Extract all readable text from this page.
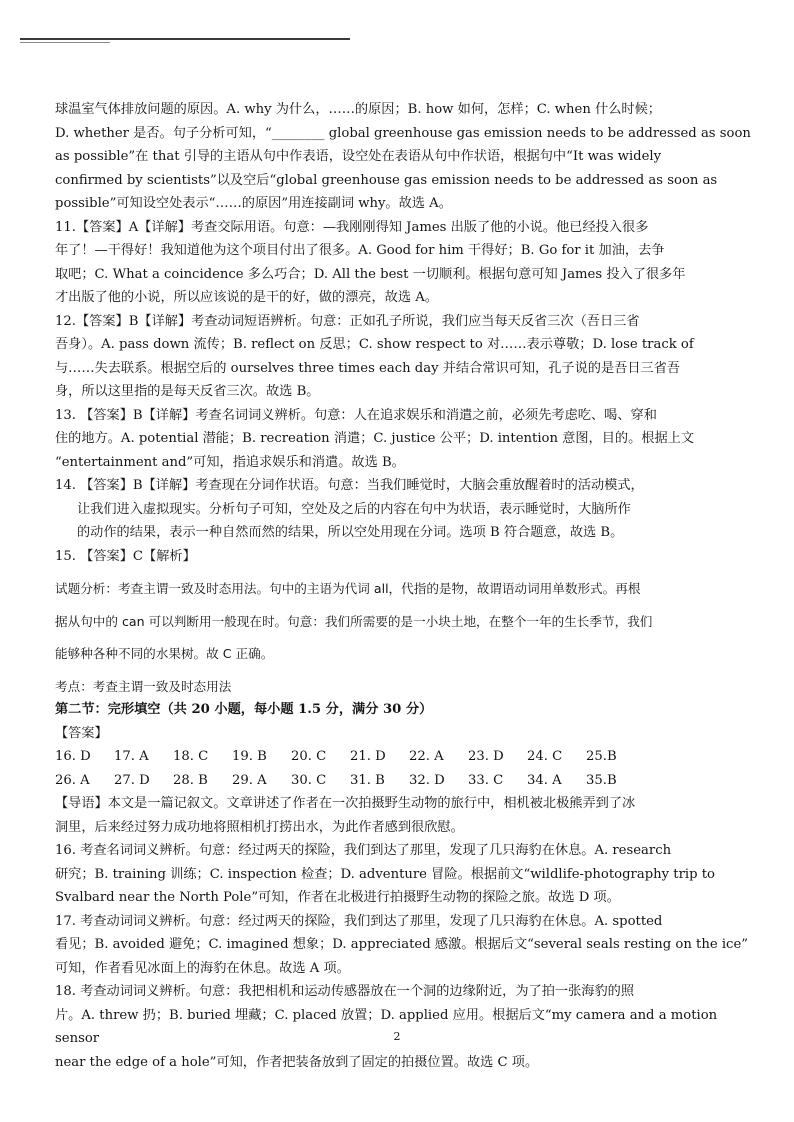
球温室气体排放问题的原因。A. why 为什么，……的原因；B. how 如何，怎样；C. when 什么时候；

D. whether 是否。句子分析可知，“________ global greenhouse gas emission needs to be addressed as soon

as possible”在 that 引导的主语从句中作表语，设空处在表语从句中作状语，根据句中“It was widely

confirmed by scientists”以及空后“global greenhouse gas emission needs to be addressed as soon as

possible”可知设空处表示“……的原因”用连接副词 why。故选 A。

11.【答案】A【详解】考查交际用语。句意：—我刚刚得知 James 出版了他的小说。他已经投入很多

年了！—干得好！我知道他为这个项目付出了很多。A. Good for him 干得好；B. Go for it 加油，去争

取吧；C. What a coincidence 多么巧合；D. All the best 一切顺利。根据句意可知 James 投入了很多年

才出版了他的小说，所以应该说的是干的好，做的漂亮，故选 A。

12.【答案】B【详解】考查动词短语辨析。句意：正如孔子所说，我们应当每天反省三次（吾日三省

吾身）。A. pass down 流传；B. reflect on 反思；C. show respect to 对……表示尊敬；D. lose track of

与……失去联系。根据空后的 ourselves three times each day 并结合常识可知，孔子说的是吾日三省吾

身，所以这里指的是每天反省三次。故选 B。

13. 【答案】B【详解】考查名词词义辨析。句意：人在追求娱乐和消遣之前，必须先考虑吃、喝、穿和

住的地方。A. potential 潜能；B. recreation 消遣；C. justice 公平；D. intention 意图，目的。根据上文

“entertainment and”可知，指追求娱乐和消遣。故选 B。

14. 【答案】B【详解】考查现在分词作状语。句意：当我们睡觉时，大脑会重放醒着时的活动模式，

让我们进入虚拟现实。分析句子可知，空处及之后的内容在句中为状语，表示睡觉时，大脑所作

的动作的结果，表示一种自然而然的结果，所以空处用现在分词。选项 B 符合题意，故选 B。

15. 【答案】C【解析】

试题分析：考查主谓一致及时态用法。句中的主语为代词 all，代指的是物，故谓语动词用单数形式。再根

据从句中的 can 可以判断用一般现在时。句意：我们所需要的是一小块土地，在整个一年的生长季节，我们

能够种各种不同的水果树。故 C 正确。

考点：考查主谓一致及时态用法

第二节：完形填空（共 20 小题，每小题 1.5 分，满分 30 分）

【答案】

16. D	17. A	18. C	19. B	20. C	21. D	22. A	23. D	24. C	25.B
26. A	27. D	28. B	29. A	30. C	31. B	32. D	33. C	34. A	35.B

【导语】本文是一篇记叙文。文章讲述了作者在一次拍摄野生动物的旅行中，相机被北极熊弄到了冰

洞里，后来经过努力成功地将照相机打捞出水，为此作者感到很欣慰。

16. 考查名词词义辨析。句意：经过两天的探险，我们到达了那里，发现了几只海豹在休息。A. research

研究；B. training 训练；C. inspection 检查；D. adventure 冒险。根据前文“wildlife-photography trip to

Svalbard near the North Pole”可知，作者在北极进行拍摄野生动物的探险之旅。故选 D 项。

17. 考查动词词义辨析。句意：经过两天的探险，我们到达了那里，发现了几只海豹在休息。A. spotted

看见；B. avoided 避免；C. imagined 想象；D. appreciated 感激。根据后文“several seals resting on the ice”

可知，作者看见冰面上的海豹在休息。故选 A 项。

18. 考查动词词义辨析。句意：我把相机和运动传感器放在一个洞的边缘附近，为了拍一张海豹的照

片。A. threw 扔；B. buried 埋藏；C. placed 放置；D. applied 应用。根据后文“my camera and a motion sensor

near the edge of a hole”可知，作者把装备放到了固定的拍摄位置。故选 C 项。

2
